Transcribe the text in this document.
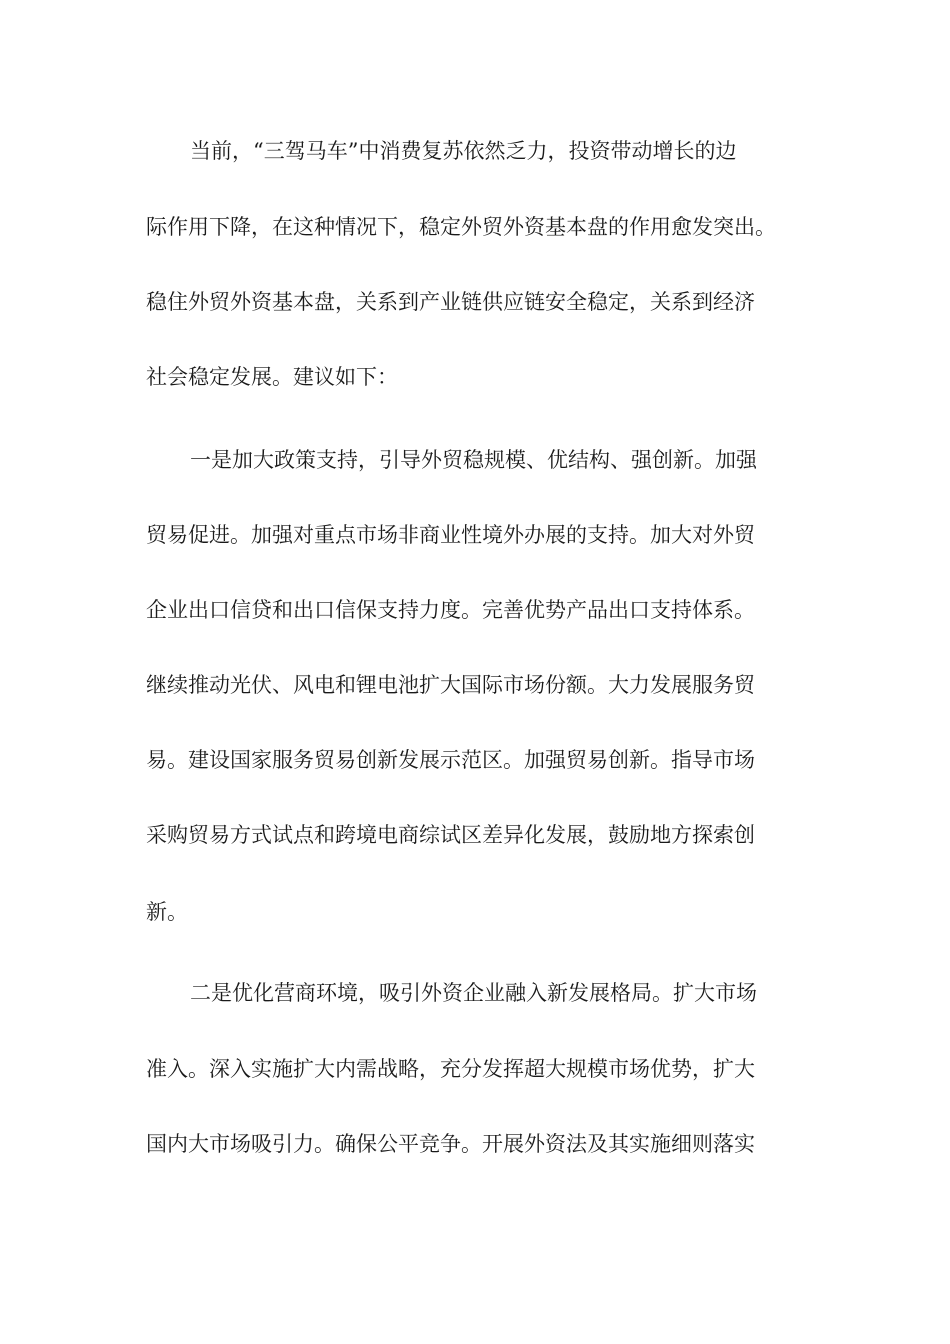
当前，“三驾马车”中消费复苏依然乏力，投资带动增长的边
际作用下降，在这种情况下，稳定外贸外资基本盘的作用愈发突出。
稳住外贸外资基本盘，关系到产业链供应链安全稳定，关系到经济
社会稳定发展。建议如下：
一是加大政策支持，引导外贸稳规模、优结构、强创新。加强
贸易促进。加强对重点市场非商业性境外办展的支持。加大对外贸
企业出口信贷和出口信保支持力度。完善优势产品出口支持体系。
继续推动光伏、风电和锂电池扩大国际市场份额。大力发展服务贸
易。建设国家服务贸易创新发展示范区。加强贸易创新。指导市场
采购贸易方式试点和跨境电商综试区差异化发展，鼓励地方探索创
新。
二是优化营商环境，吸引外资企业融入新发展格局。扩大市场
准入。深入实施扩大内需战略，充分发挥超大规模市场优势，扩大
国内大市场吸引力。确保公平竞争。开展外资法及其实施细则落实
